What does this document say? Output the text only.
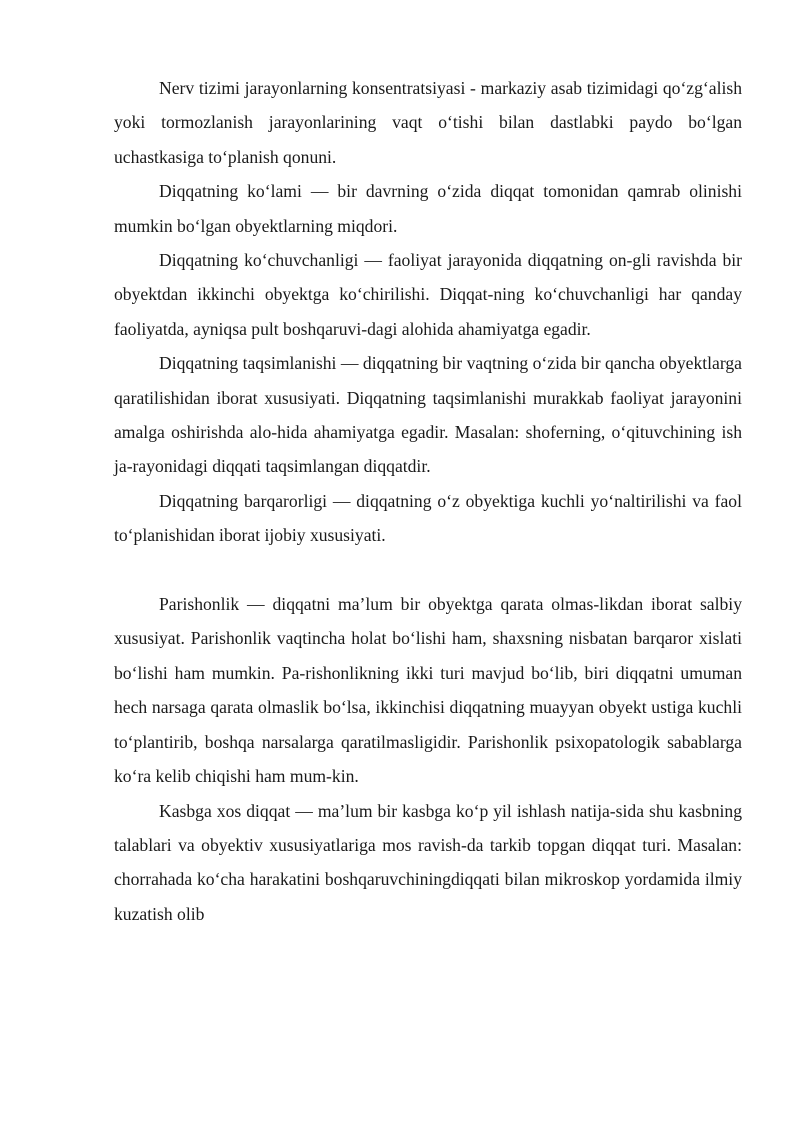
Nerv tizimi jarayonlarning konsentratsiyasi - markaziy asab tizimidagi qo‘zg‘alish yoki tormozlanish jarayonlarining vaqt o‘tishi bilan dastlabki paydo bo‘lgan uchastkasiga to‘planish qonuni.

Diqqatning ko‘lami — bir davrning o‘zida diqqat tomonidan qamrab olinishi mumkin bo‘lgan obyektlarning miqdori.

Diqqatning ko‘chuvchanligi — faoliyat jarayonida diqqatning on-gli ravishda bir obyektdan ikkinchi obyektga ko‘chirilishi. Diqqat-ning ko‘chuvchanligi har qanday faoliyatda, ayniqsa pult boshqaruvi-dagi alohida ahamiyatga egadir.

Diqqatning taqsimlanishi — diqqatning bir vaqtning o‘zida bir qancha obyektlarga qaratilishidan iborat xususiyati. Diqqatning taqsimlanishi murakkab faoliyat jarayonini amalga oshirishda alo-hida ahamiyatga egadir. Masalan: shoferning, o‘qituvchining ish ja-rayonidagi diqqati taqsimlangan diqqatdir.

Diqqatning barqarorligi — diqqatning o‘z obyektiga kuchli yo‘naltirilishi va faol to‘planishidan iborat ijobiy xususiyati.

Parishonlik — diqqatni ma’lum bir obyektga qarata olmas-likdan iborat salbiy xususiyat. Parishonlik vaqtincha holat bo‘lishi ham, shaxsning nisbatan barqaror xislati bo‘lishi ham mumkin. Pa-rishonlikning ikki turi mavjud bo‘lib, biri diqqatni umuman hech narsaga qarata olmaslik bo‘lsa, ikkinchisi diqqatning muayyan obyekt ustiga kuchli to‘plantirib, boshqa narsalarga qaratilmasligidir. Parishonlik psixopatologik sabablarga ko‘ra kelib chiqishi ham mum-kin.

Kasbga xos diqqat — ma’lum bir kasbga ko‘p yil ishlash natija-sida shu kasbning talablari va obyektiv xususiyatlariga mos ravish-da tarkib topgan diqqat turi. Masalan: chorrahada ko‘cha harakatini boshqaruvchiningdiqqati bilan mikroskop yordamida ilmiy kuzatish olib
